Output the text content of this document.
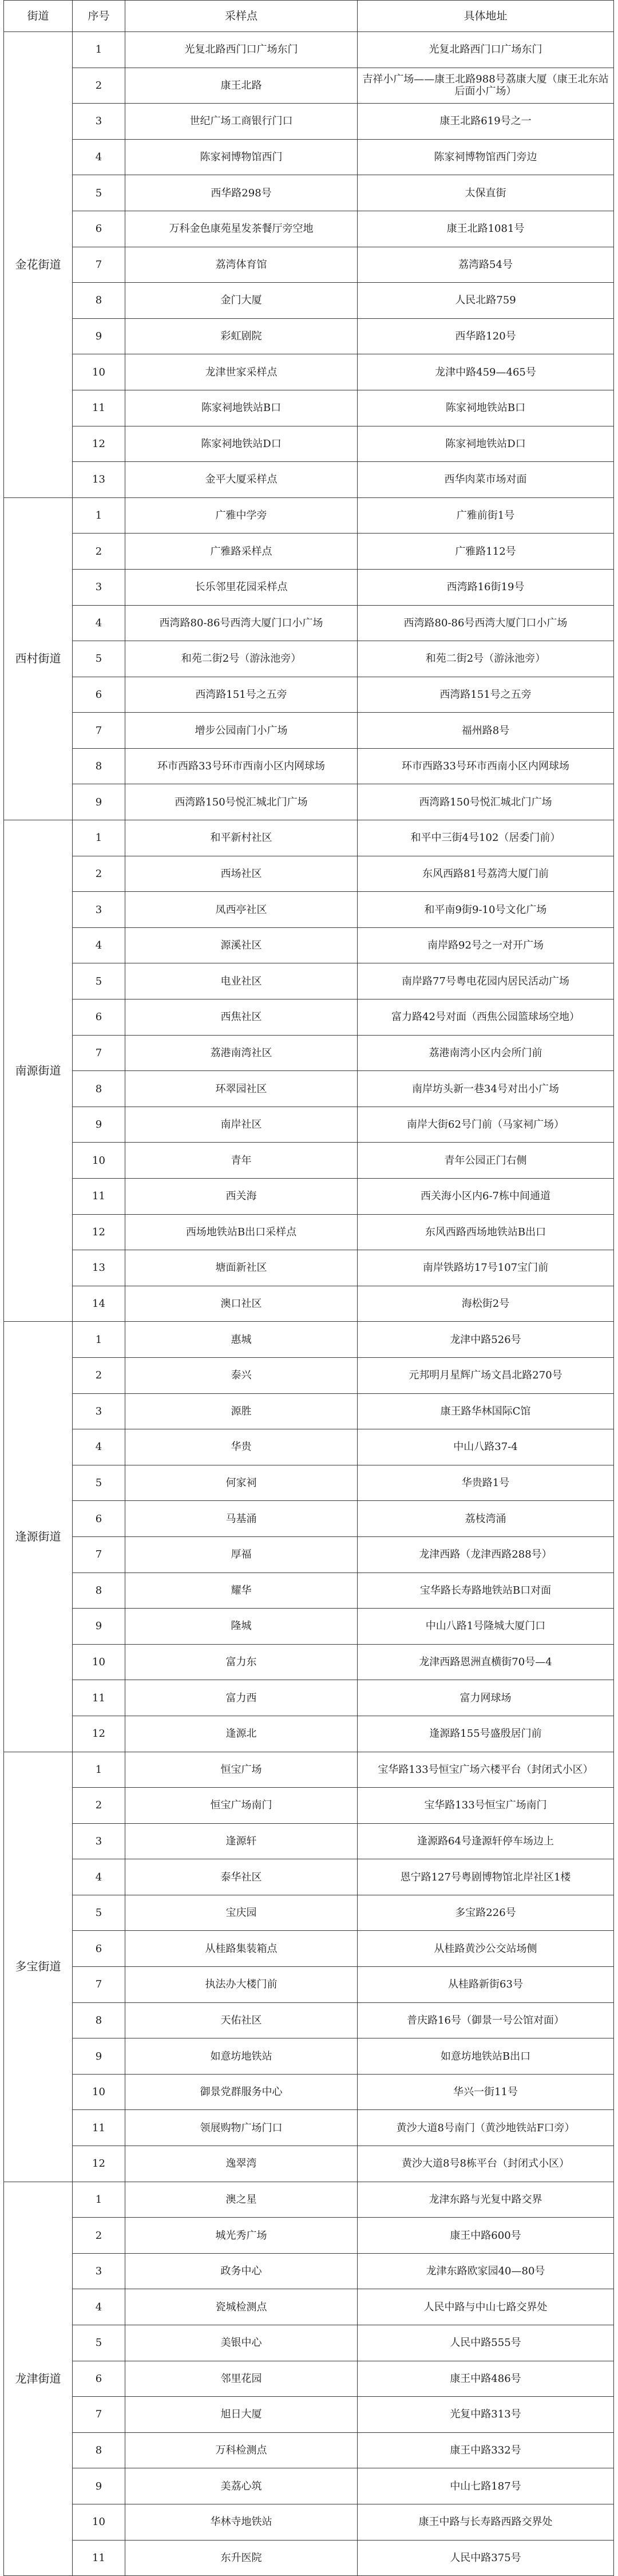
街道	序号	采样点	具体地址
金花街道	1	光复北路西门口广场东门	光复北路西门口广场东门
	2	康王北路	吉祥小广场——康王北路988号荔康大厦（康王北东站后面小广场）
	3	世纪广场工商银行门口	康王北路619号之一
	4	陈家祠博物馆西门	陈家祠博物馆西门旁边
	5	西华路298号	太保直街
	6	万科金色康苑星发茶餐厅旁空地	康王北路1081号
	7	荔湾体育馆	荔湾路54号
	8	金门大厦	人民北路759
	9	彩虹剧院	西华路120号
	10	龙津世家采样点	龙津中路459—465号
	11	陈家祠地铁站B口	陈家祠地铁站B口
	12	陈家祠地铁站D口	陈家祠地铁站D口
	13	金平大厦采样点	西华肉菜市场对面
西村街道	1	广雅中学旁	广雅前街1号
	2	广雅路采样点	广雅路112号
	3	长乐邻里花园采样点	西湾路16街19号
	4	西湾路80-86号西湾大厦门口小广场	西湾路80-86号西湾大厦门口小广场
	5	和苑二街2号（游泳池旁）	和苑二街2号（游泳池旁）
	6	西湾路151号之五旁	西湾路151号之五旁
	7	增步公园南门小广场	福州路8号
	8	环市西路33号环市西南小区内网球场	环市西路33号环市西南小区内网球场
	9	西湾路150号悦汇城北门广场	西湾路150号悦汇城北门广场
南源街道	1	和平新村社区	和平中三街4号102（居委门前）
	2	西场社区	东风西路81号荔湾大厦门前
	3	凤西亭社区	和平南9街9-10号文化广场
	4	源溪社区	南岸路92号之一对开广场
	5	电业社区	南岸路77号粤电花园内居民活动广场
	6	西焦社区	富力路42号对面（西焦公园篮球场空地）
	7	荔港南湾社区	荔港南湾小区内会所门前
	8	环翠园社区	南岸坊头新一巷34号对出小广场
	9	南岸社区	南岸大街62号门前（马家祠广场）
	10	青年	青年公园正门右侧
	11	西关海	西关海小区内6-7栋中间通道
	12	西场地铁站B出口采样点	东风西路西场地铁站B出口
	13	塘面新社区	南岸铁路坊17号107宝门前
	14	澳口社区	海松街2号
逢源街道	1	惠城	龙津中路526号
	2	泰兴	元邦明月星辉广场文昌北路270号
	3	源胜	康王路华林国际C馆
	4	华贵	中山八路37-4
	5	何家祠	华贵路1号
	6	马基涌	荔枝湾涌
	7	厚福	龙津西路（龙津西路288号）
	8	耀华	宝华路长寿路地铁站B口对面
	9	隆城	中山八路1号隆城大厦门口
	10	富力东	龙津西路恩洲直横街70号—4
	11	富力西	富力网球场
	12	逢源北	逢源路155号盛殷居门前
多宝街道	1	恒宝广场	宝华路133号恒宝广场六楼平台（封闭式小区）
	2	恒宝广场南门	宝华路133号恒宝广场南门
	3	逢源轩	逢源路64号逢源轩停车场边上
	4	泰华社区	恩宁路127号粤剧博物馆北岸社区1楼
	5	宝庆园	多宝路226号
	6	从桂路集装箱点	从桂路黄沙公交站场侧
	7	执法办大楼门前	从桂路新街63号
	8	天佑社区	普庆路16号（御景一号公馆对面）
	9	如意坊地铁站	如意坊地铁站B出口
	10	御景党群服务中心	华兴一街11号
	11	领展购物广场门口	黄沙大道8号南门（黄沙地铁站F口旁）
	12	逸翠湾	黄沙大道8号8栋平台（封闭式小区）
龙津街道	1	澳之星	龙津东路与光复中路交界
	2	城光秀广场	康王中路600号
	3	政务中心	龙津东路欧家园40—80号
	4	瓷城检测点	人民中路与中山七路交界处
	5	美银中心	人民中路555号
	6	邻里花园	康王中路486号
	7	旭日大厦	光复中路313号
	8	万科检测点	康王中路332号
	9	美荔心筑	中山七路187号
	10	华林寺地铁站	康王中路与长寿路西路交界处
	11	东升医院	人民中路375号
